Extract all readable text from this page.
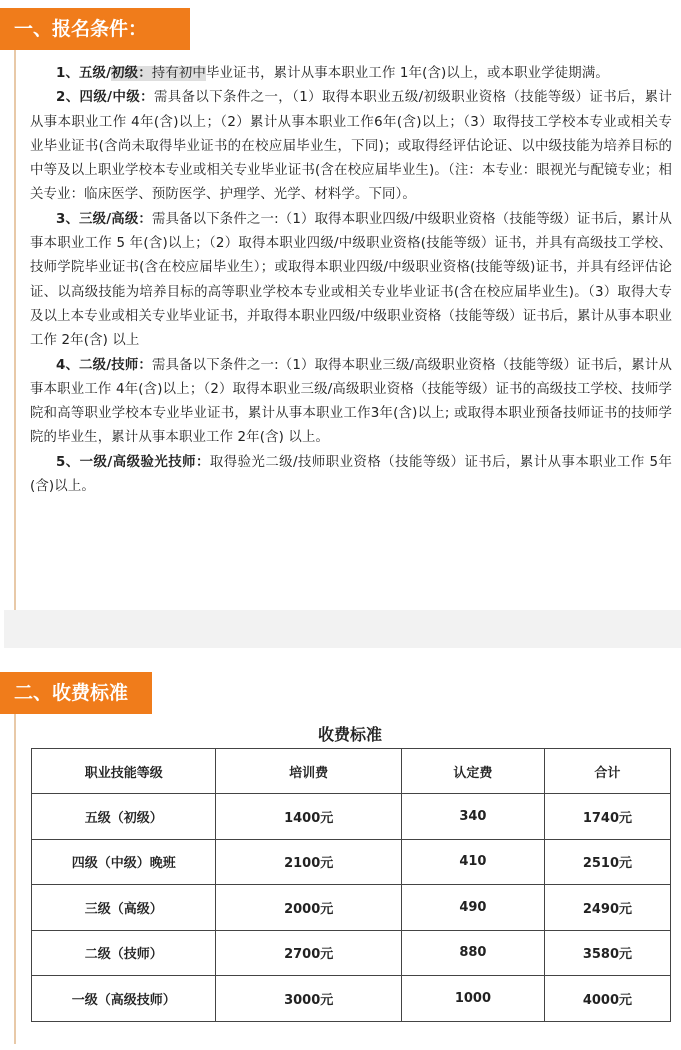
一、报名条件：

1、五级/初级：持有初中毕业证书，累计从事本职业工作 1年(含)以上，或本职业学徒期满。

2、四级/中级：需具备以下条件之一，（1）取得本职业五级/初级职业资格（技能等级）证书后，累计从事本职业工作 4年(含)以上；（2）累计从事本职业工作6年(含)以上；（3）取得技工学校本专业或相关专业毕业证书(含尚未取得毕业证书的在校应届毕业生，下同)；或取得经评估论证、以中级技能为培养目标的中等及以上职业学校本专业或相关专业毕业证书(含在校应届毕业生)。（注：本专业：眼视光与配镜专业；相关专业：临床医学、预防医学、护理学、光学、材料学。下同）。

3、三级/高级：需具备以下条件之一:（1）取得本职业四级/中级职业资格（技能等级）证书后，累计从事本职业工作 5 年(含)以上；（2）取得本职业四级/中级职业资格(技能等级）证书，并具有高级技工学校、技师学院毕业证书(含在校应届毕业生）；或取得本职业四级/中级职业资格(技能等级)证书，并具有经评估论证、以高级技能为培养目标的高等职业学校本专业或相关专业毕业证书(含在校应届毕业生)。（3）取得大专及以上本专业或相关专业毕业证书，并取得本职业四级/中级职业资格（技能等级）证书后，累计从事本职业工作 2年(含) 以上

4、二级/技师：需具备以下条件之一:（1）取得本职业三级/高级职业资格（技能等级）证书后，累计从事本职业工作 4年(含)以上；（2）取得本职业三级/高级职业资格（技能等级）证书的高级技工学校、技师学院和高等职业学校本专业毕业证书，累计从事本职业工作3年(含)以上; 或取得本职业预备技师证书的技师学院的毕业生，累计从事本职业工作 2年(含) 以上。

5、一级/高级验光技师：取得验光二级/技师职业资格（技能等级）证书后，累计从事本职业工作 5年(含)以上。

二、收费标准
收费标准
职业技能等级	培训费	认定费	合计
五级（初级）	1400元	340	1740元
四级（中级）晚班	2100元	410	2510元
三级（高级）	2000元	490	2490元
二级（技师）	2700元	880	3580元
一级（高级技师）	3000元	1000	4000元
